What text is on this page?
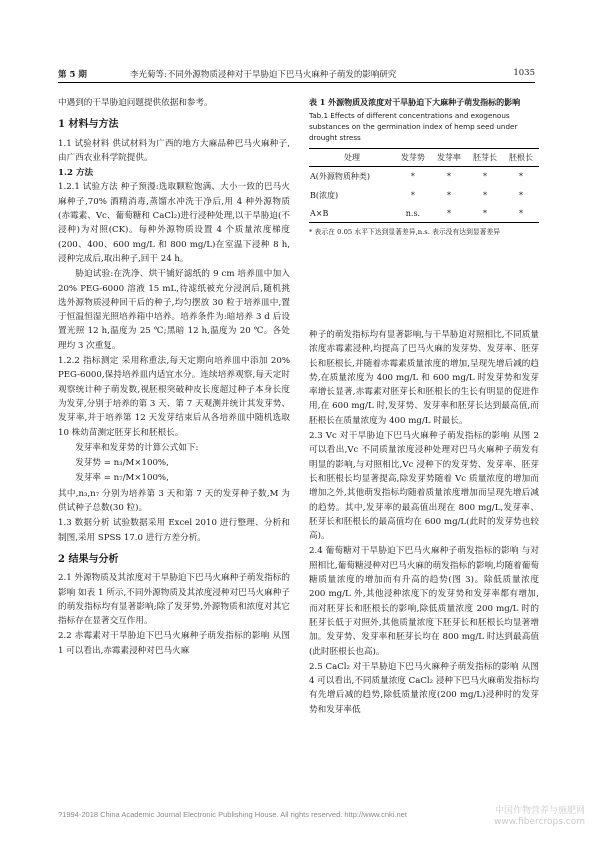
第 5 期	李光菊等:不同外源物质浸种对干旱胁迫下巴马火麻种子萌发的影响研究	1035
中遇到的干旱胁迫问题提供依据和参考。
1 材料与方法
1.1 试验材料 供试材料为广西的地方大麻品种巴马火麻种子,由广西农业科学院提供。
1.2 方法
1.2.1 试验方法 种子预漫:选取颗粒饱满、大小一致的巴马火麻种子,70% 酒精消毒,蒸馏水冲洗干净后,用 4 种外源物质(赤霉素、Vc、葡萄糖和 CaCl₂)进行浸种处理,以干旱胁迫(不浸种)为对照(CK)。每种外源物质设置 4 个质量浓度梯度(200、400、600 mg/L 和 800 mg/L)在室温下浸种 8 h,浸种完成后,取出种子,回干 24 h。
胁迫试验:在洗净、烘干铺好滤纸的 9 cm 培养皿中加入 20% PEG-6000 溶液 15 mL,待滤纸被充分浸润后,随机挑选外源物质浸种回干后的种子,均匀摆放 30 粒于培养皿中,置于恒温恒湿光照培养箱中培养。培养条件为:暗培养 3 d 后设置光照 12 h,温度为 25 ℃;黑暗 12 h,温度为 20 ℃。各处理均 3 次重复。
1.2.2 指标测定 采用称重法,每天定期向培养皿中添加 20% PEG-6000,保持培养皿内适宜水分。连续培养观察,每天定时观察统计种子萌发数,视胚根突破种皮长度超过种子本身长度为发芽,分别于培养的第 3 天、第 7 天观测并统计其发芽势、发芽率,并于培养第 12 天发芽结束后从各培养皿中随机选取 10 株幼苗测定胚芽长和胚根长。
发芽率和发芽势的计算公式如下:
发芽势 = n₃/M×100%,
发芽率 = n₇/M×100%,
其中,n₃,n₇ 分别为培养第 3 天和第 7 天的发芽种子数,M 为供试种子总数(30 粒)。
1.3 数据分析 试验数据采用 Excel 2010 进行整理、分析和制图,采用 SPSS 17.0 进行方差分析。
2 结果与分析
2.1 外源物质及其浓度对干旱胁迫下巴马火麻种子萌发指标的影响 如表 1 所示,不同外源物质及其浓度浸种对巴马火麻种子的萌发指标均有显著影响;除了发芽势,外源物质和浓度对其它指标存在显著交互作用。
2.2 赤霉素对干旱胁迫下巴马火麻种子萌发指标的影响 从图 1 可以看出,赤霉素浸种对巴马火麻
表 1 外源物质及浓度对干旱胁迫下大麻种子萌发指标的影响
Tab.1 Effects of different concentrations and exogenous substances on the germination index of hemp seed under drought stress
处理	发芽势	发芽率	胚芽长	胚根长
A(外源物质种类)	*	*	*	*
B(浓度)	*	*	*	*
A×B	n.s.	*	*	*
* 表示在 0.05 水平下达到显著差异,n.s. 表示没有达到显著差异
种子的萌发指标均有显著影响,与干旱胁迫对照相比,不同质量浓度赤霉素浸种,均提高了巴马火麻的发芽势、发芽率、胚芽长和胚根长,并随着赤霉素质量浓度的增加,呈现先增后减的趋势,在质量浓度为 400 mg/L 和 600 mg/L 时发芽势和发芽率增长显著,赤霉素对胚芽长和胚根长的生长有明显的促进作用,在 600 mg/L 时,发芽势、发芽率和胚芽长达到最高值,而胚根长在质量浓度为 400 mg/L 时最长。
2.3 Vc 对干旱胁迫下巴马火麻种子萌发指标的影响 从图 2 可以看出,Vc 不同质量浓度浸种处理对巴马火麻种子萌发有明显的影响,与对照相比,Vc 浸种下的发芽势、发芽率、胚芽长和胚根长均显著提高,除发芽势随着 Vc 质量浓度的增加而增加之外,其他萌发指标均随着质量浓度增加而呈现先增后减的趋势。其中,发芽率的最高值出现在 800 mg/L,发芽率、胚芽长和胚根长的最高值均在 600 mg/L(此时的发芽势也较高)。
2.4 葡萄糖对干旱胁迫下巴马火麻种子萌发指标的影响 与对照相比,葡萄糖浸种对巴马火麻的萌发指标的影响,均随着葡萄糖质量浓度的增加而有升高的趋势(图 3)。除低质量浓度 200 mg/L 外,其他浸种浓度下的发芽势和发芽率都有增加,而对胚芽长和胚根长的影响,除低质量浓度 200 mg/L 时的胚芽长低于对照外,其他质量浓度下胚芽长和胚根长均显著增加。发芽势、发芽率和胚芽长均在 800 mg/L 时达到最高值(此时胚根长也高)。
2.5 CaCl₂ 对干旱胁迫下巴马火麻种子萌发指标的影响 从图 4 可以看出,不同质量浓度 CaCl₂ 浸种下巴马火麻萌发指标均有先增后减的趋势,除低质量浓度(200 mg/L)浸种时的发芽势和发芽率低
?1994-2018 China Academic Journal Electronic Publishing House. All rights reserved. http://www.cnki.net	中国作物营养与施肥网
www.fibercrops.com
